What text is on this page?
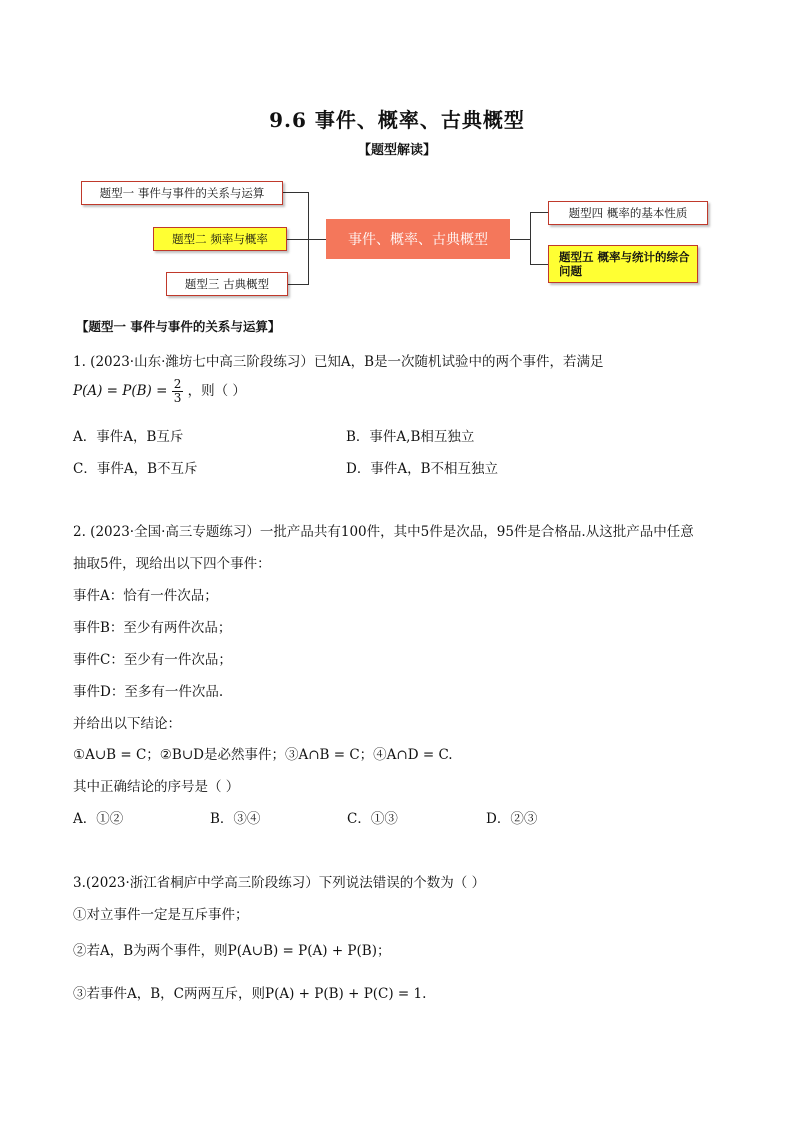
9.6 事件、概率、古典概型
【题型解读】
题型一 事件与事件的关系与运算
题型二 频率与概率
题型三 古典概型
事件、概率、古典概型
题型四 概率的基本性质
题型五 概率与统计的综合问题
【题型一 事件与事件的关系与运算】
1. (2023·山东·潍坊七中高三阶段练习）已知A，B是一次随机试验中的两个事件，若满足
$P(A) = P(B) = \frac{2}{3}$ ，则（ ）
A．事件A，B互斥	B．事件A,B相互独立
C．事件A，B不互斥	D．事件A，B不相互独立
2. (2023·全国·高三专题练习）一批产品共有100件，其中5件是次品，95件是合格品.从这批产品中任意
抽取5件，现给出以下四个事件：
事件A：恰有一件次品；
事件B：至少有两件次品；
事件C：至少有一件次品；
事件D：至多有一件次品.
并给出以下结论：
①A∪B = C；②B∪D是必然事件；③A∩B = C；④A∩D = C.
其中正确结论的序号是（ ）
A．①②	B．③④	C．①③	D．②③
3.(2023·浙江省桐庐中学高三阶段练习）下列说法错误的个数为（ ）
①对立事件一定是互斥事件；
②若A，B为两个事件，则P(A∪B) = P(A) + P(B)；
③若事件A，B，C两两互斥，则P(A) + P(B) + P(C) = 1.
